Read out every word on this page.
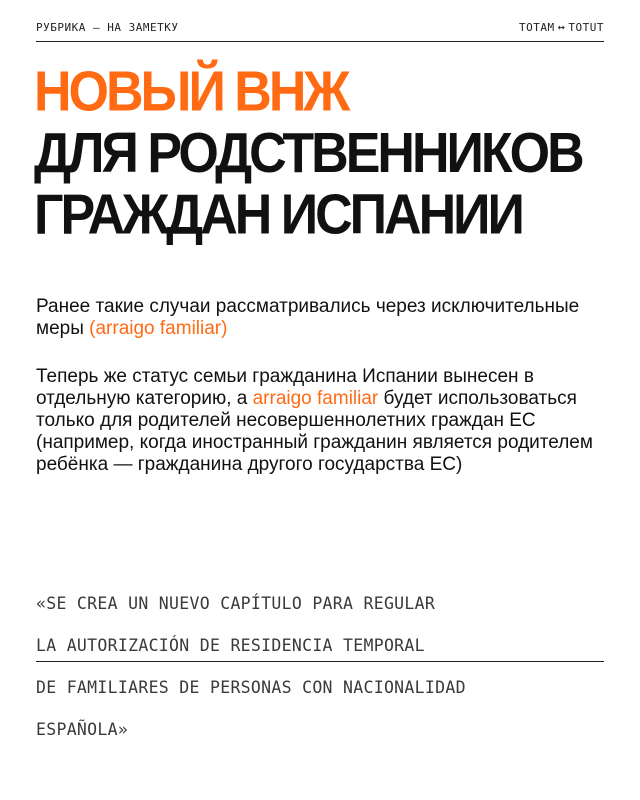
РУБРИКА — НА ЗАМЕТКУ	TOTAM ↔ TOTUT
НОВЫЙ ВНЖ
ДЛЯ РОДСТВЕННИКОВ
ГРАЖДАН ИСПАНИИ

Ранее такие случаи рассматривались через исключительные меры (arraigo familiar)

Теперь же статус семьи гражданина Испании вынесен в отдельную категорию, а arraigo familiar будет использоваться только для родителей несовершеннолетних граждан ЕС (например, когда иностранный гражданин является родителем ребёнка — гражданина другого государства ЕС)

«SE CREA UN NUEVO CAPÍTULO PARA REGULAR

LA AUTORIZACIÓN DE RESIDENCIA TEMPORAL

DE FAMILIARES DE PERSONAS CON NACIONALIDAD

ESPAÑOLA»
